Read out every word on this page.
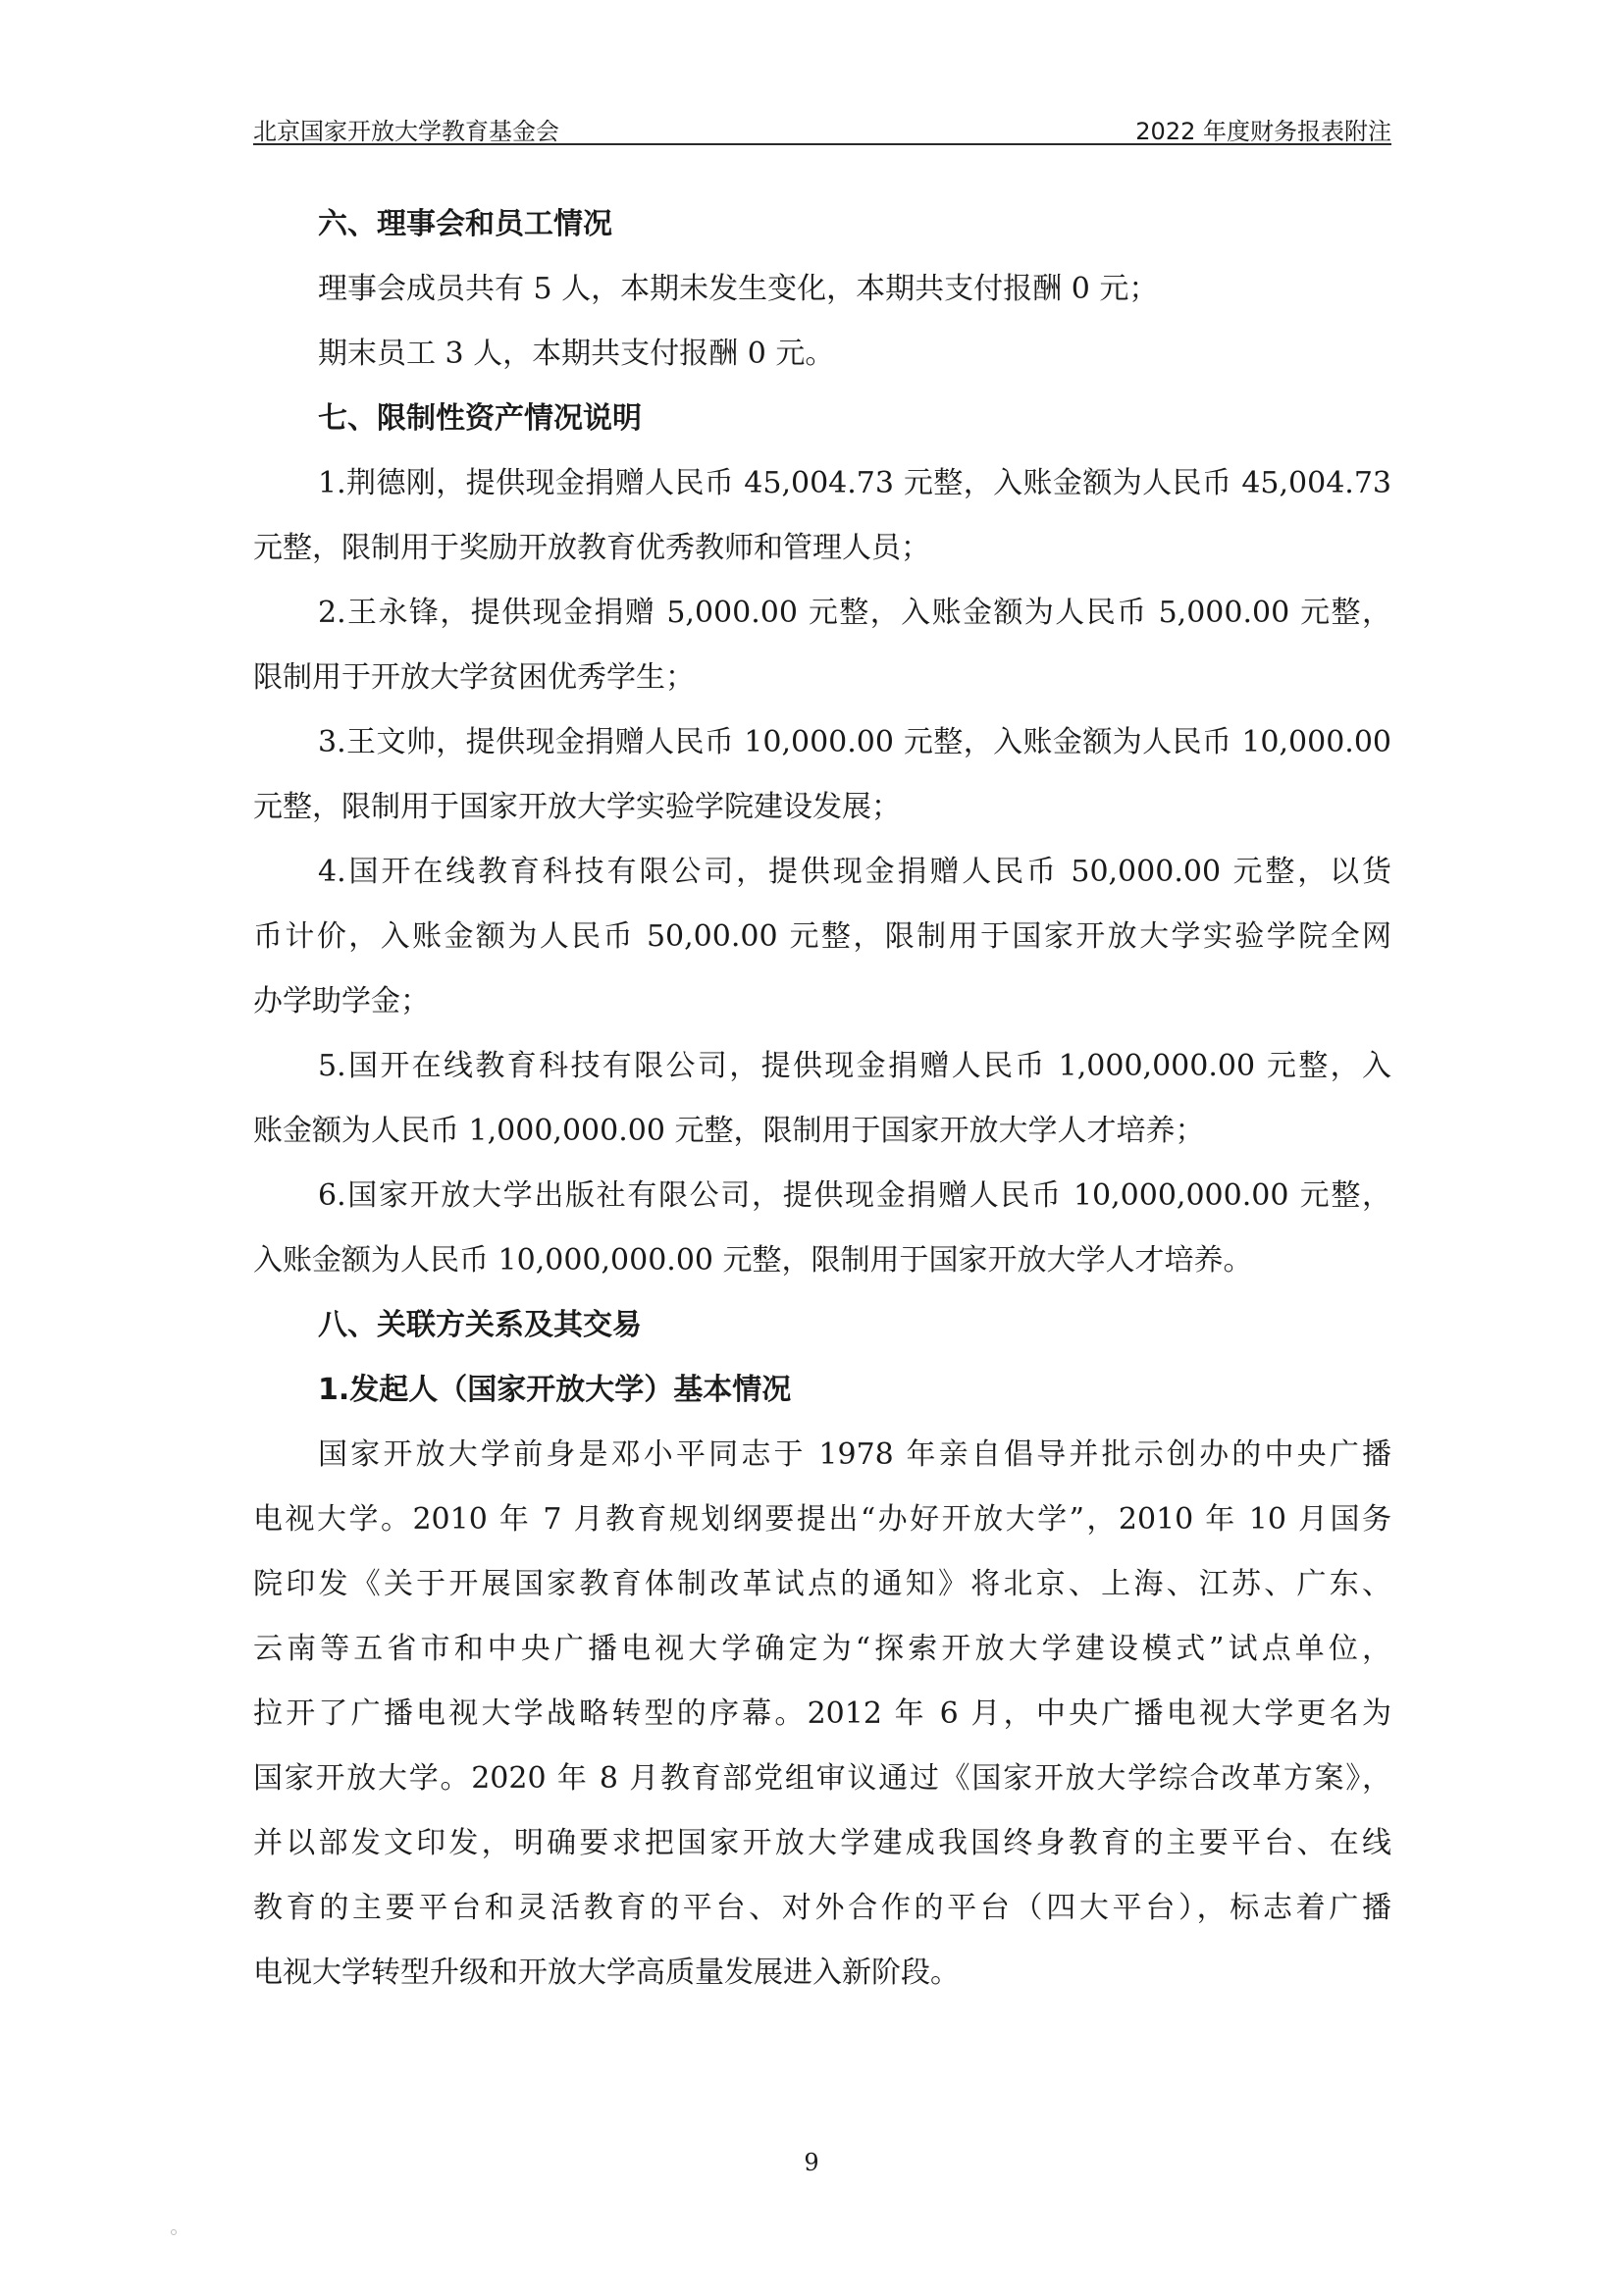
北京国家开放大学教育基金会	2022 年度财务报表附注
六、理事会和员工情况
理事会成员共有 5 人，本期未发生变化，本期共支付报酬 0 元；
期末员工 3 人，本期共支付报酬 0 元。
七、限制性资产情况说明
1.荆德刚，提供现金捐赠人民币 45,004.73 元整，入账金额为人民币 45,004.73
元整，限制用于奖励开放教育优秀教师和管理人员；
2.王永锋，提供现金捐赠 5,000.00 元整，入账金额为人民币 5,000.00 元整，
限制用于开放大学贫困优秀学生；
3.王文帅，提供现金捐赠人民币 10,000.00 元整，入账金额为人民币 10,000.00
元整，限制用于国家开放大学实验学院建设发展；
4.国开在线教育科技有限公司，提供现金捐赠人民币 50,000.00 元整，以货
币计价，入账金额为人民币 50,00.00 元整，限制用于国家开放大学实验学院全网
办学助学金；
5.国开在线教育科技有限公司，提供现金捐赠人民币 1,000,000.00 元整，入
账金额为人民币 1,000,000.00 元整，限制用于国家开放大学人才培养；
6.国家开放大学出版社有限公司，提供现金捐赠人民币 10,000,000.00 元整，
入账金额为人民币 10,000,000.00 元整，限制用于国家开放大学人才培养。
八、关联方关系及其交易
1.发起人（国家开放大学）基本情况
国家开放大学前身是邓小平同志于 1978 年亲自倡导并批示创办的中央广播
电视大学。2010 年 7 月教育规划纲要提出“办好开放大学”，2010 年 10 月国务
院印发《关于开展国家教育体制改革试点的通知》将北京、上海、江苏、广东、
云南等五省市和中央广播电视大学确定为“探索开放大学建设模式”试点单位，
拉开了广播电视大学战略转型的序幕。2012 年 6 月，中央广播电视大学更名为
国家开放大学。2020 年 8 月教育部党组审议通过《国家开放大学综合改革方案》，
并以部发文印发，明确要求把国家开放大学建成我国终身教育的主要平台、在线
教育的主要平台和灵活教育的平台、对外合作的平台（四大平台），标志着广播
电视大学转型升级和开放大学高质量发展进入新阶段。
9
